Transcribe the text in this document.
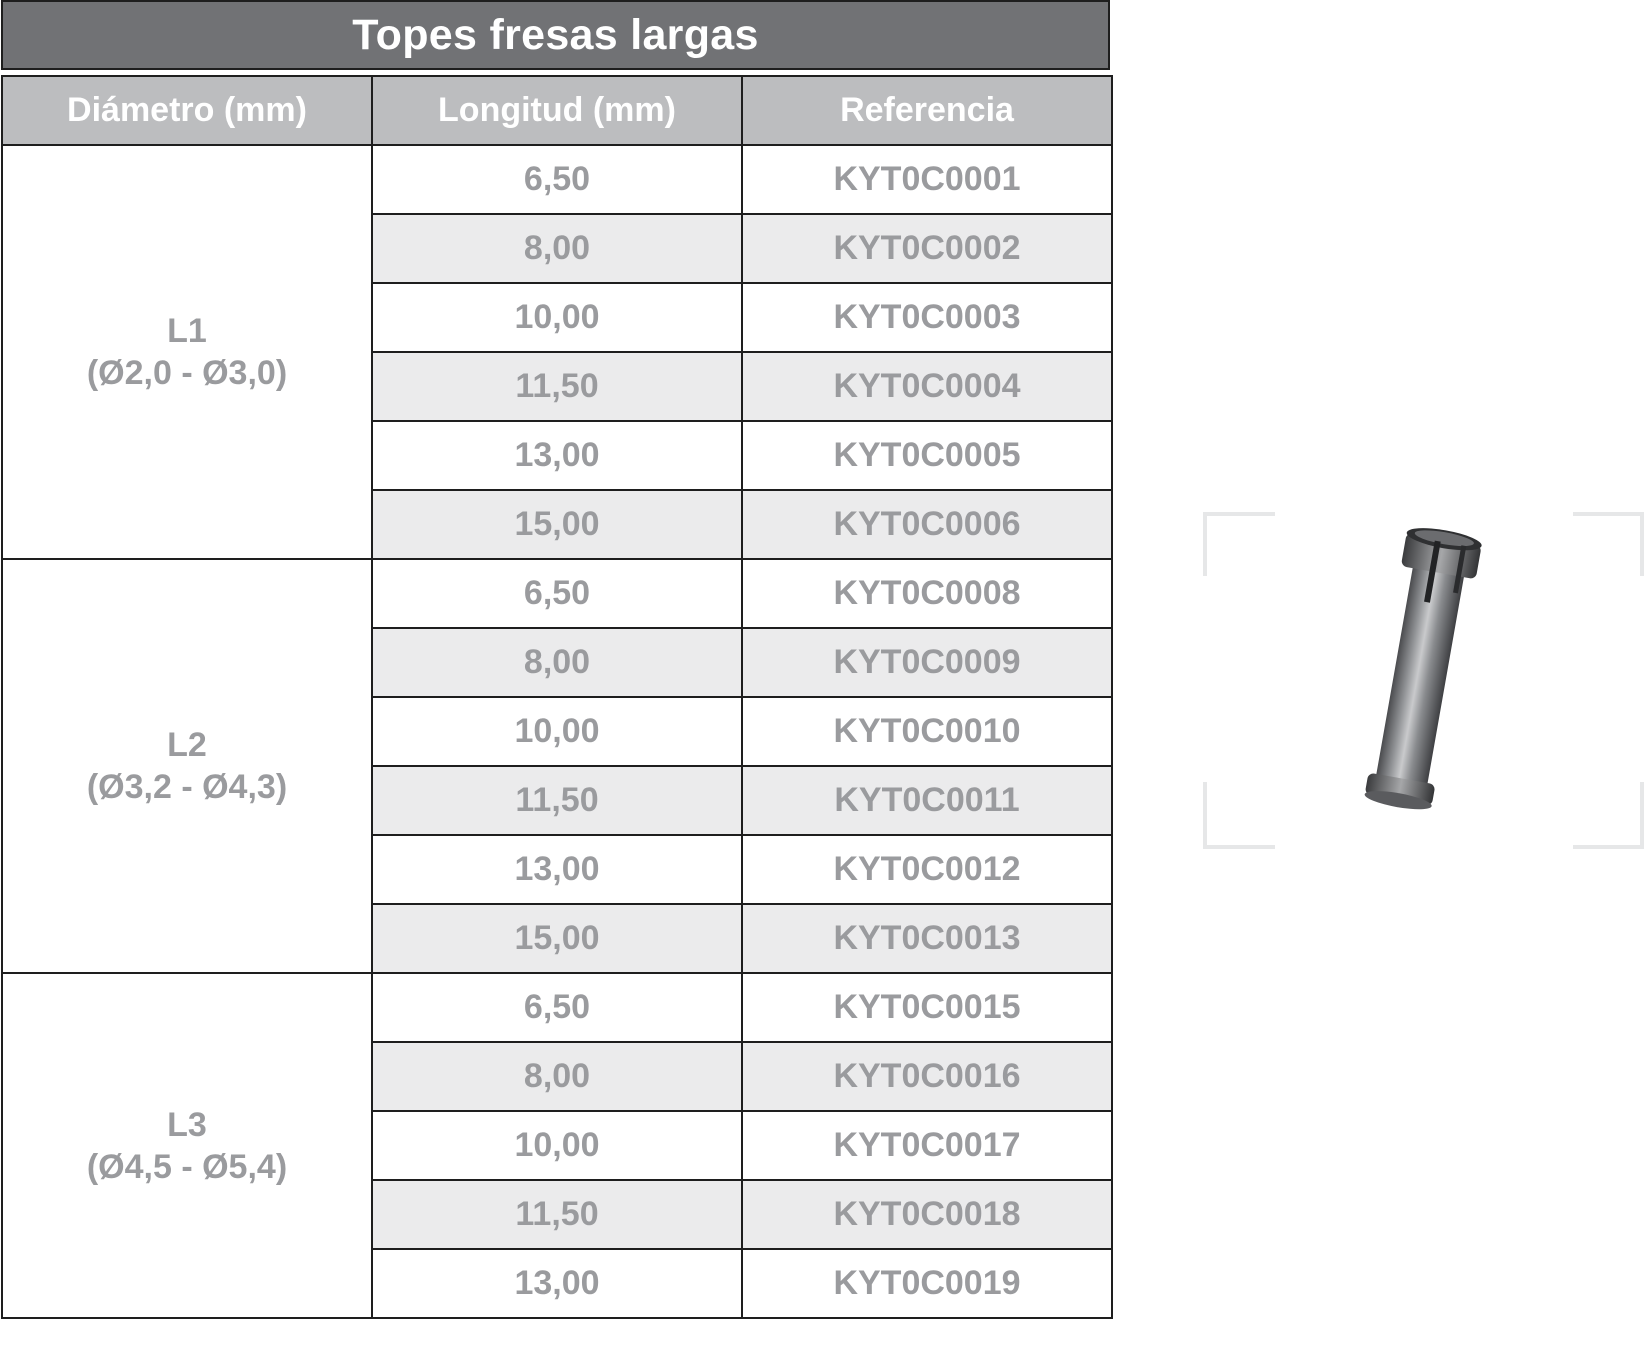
Topes fresas largas
Diámetro (mm)	Longitud (mm)	Referencia

L1
(Ø2,0 - Ø3,0)	6,50	KYT0C0001
	8,00	KYT0C0002
	10,00	KYT0C0003
	11,50	KYT0C0004
	13,00	KYT0C0005
	15,00	KYT0C0006

L2
(Ø3,2 - Ø4,3)	6,50	KYT0C0008
	8,00	KYT0C0009
	10,00	KYT0C0010
	11,50	KYT0C0011
	13,00	KYT0C0012
	15,00	KYT0C0013

L3
(Ø4,5 - Ø5,4)	6,50	KYT0C0015
	8,00	KYT0C0016
	10,00	KYT0C0017
	11,50	KYT0C0018
	13,00	KYT0C0019
